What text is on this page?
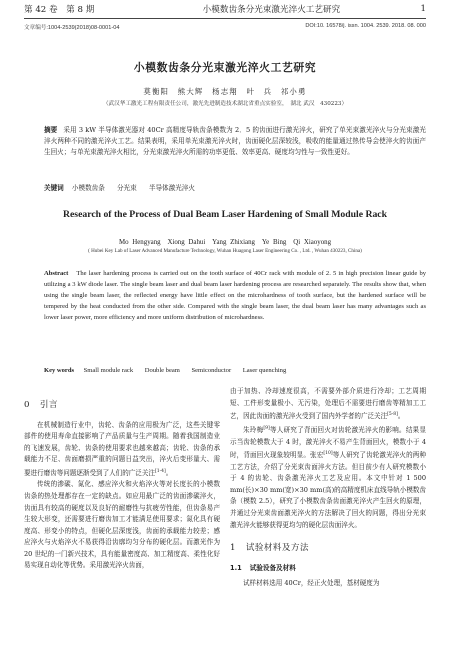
第 42 卷　第 8 期	小模数齿条分光束激光淬火工艺研究	1
文章编号:1004-2539(2018)08-0001-04	DOI:10. 16578/j. issn. 1004. 2539. 2018. 08. 000
小模数齿条分光束激光淬火工艺研究
莫衡阳　熊大辉　杨志翔　叶　兵　祁小勇
（武汉华工激光工程有限责任公司，激光先进制造技术湖北省重点实验室，　湖北 武汉　430223）
摘要 采用 3 kW 半导体激光器对 40Cr 高精度导轨齿条模数为 2．5 的齿面进行激光淬火，研究了单光束激光淬火与分光束激光淬火两种不同的激光淬火工艺。结果表明，采用单光束激光淬火时，齿面硬化层深较浅，吸收的能量通过热传导会使淬火的齿面产生回火；与单光束激光淬火相比，分光束激光淬火所需的功率更低、效率更高、硬度均匀性与一致性更好。
关键词 小模数齿条 分光束 半导体激光淬火
Research of the Process of Dual Beam Laser Hardening of Small Module Rack
Mo Hengyang　Xiong Dahui　Yang Zhixiang　Ye Bing　Qi Xiaoyong
( Hubei Key Lab of Laser Advanced Manufacture Technology, Wuhan Huagong Laser Engineering Co. , Ltd. , Wuhan 430223, China)
Abstract The laser hardening process is carried out on the tooth surface of 40Cr rack with module of 2. 5 in high precision linear guide by utilizing a 3 kW diode laser. The single beam laser and dual beam laser hardening process are researched separately. The results show that, when using the single beam laser, the reflected energy have little effect on the microhardness of tooth surface, but the hardened surface will be tempered by the heat conducted from the other side. Compared with the single beam laser, the dual beam laser has many advantages such as lower laser power, more efficiency and more uniform distribution of microhardness.
Key words Small module rack Double beam Semiconductor Laser quenching
0 引言

在机械制造行业中，齿轮、齿条的应用极为广泛，这些关键零部件的使用寿命直接影响了产品质量与生产周期。随着我国制造业的飞速发展，齿轮、齿条的使用要求也越来越高；齿轮、齿条的承载能力不足、齿面磨损严重的问题日益突出，淬火后变形量大、需要进行磨齿等问题逐渐受到了人们的广泛关注[1-4]。

传统的渗碳、氮化、感应淬火和火焰淬火等对长度长的小模数齿条的热处理都存在一定的缺点。如应用最广泛的齿面渗碳淬火，齿面具有较高的硬度以及良好的耐磨性与抗疲劳性能，但齿条易产生较大形变，还需要进行磨齿加工才能满足使用要求；氮化具有硬度高、形变小的特点，但硬化层深度浅，齿面的承载能力较差；感应淬火与火焰淬火不易获得沿齿廓均匀分布的硬化层。而激光作为 20 世纪的一门新兴技术，具有能量密度高、加工精度高、柔性化好易实现自动化等优势。采用激光淬火齿面，

由于加热、冷却速度很高，不需要外部介质进行冷却；工艺周期短、工件形变量极小、无污染，处理后不需要进行磨齿等精加工工艺，因此齿面的激光淬火受到了国内外学者的广泛关注[5-8]。

朱玲梅[9]等人研究了背面回火对齿轮激光淬火的影响。结果显示当齿轮模数大于 4 时，激光淬火不易产生背面回火，模数小于 4 时，背面回火现象较明显。张宏[10]等人研究了齿轮激光淬火的两种工艺方法，介绍了分光束齿面淬火方法。但目前少有人研究模数小于 4 的齿轮、齿条激光淬火工艺及应用。本文中针对 1 500 mm(长)×30 mm(宽)×30 mm(高)的高精度机床直线导轨小模数齿条（模数 2.5），研究了小模数齿条齿面激光淬火产生回火的原理，并通过分光束齿面激光淬火的方法解决了回火的问题，得出分光束激光淬火能够获得更均匀的硬化层齿面淬火。

1 试验材料及方法
1.1 试验设备及材料

试样材料选用 40Cr，经正火处理，基材硬度为
